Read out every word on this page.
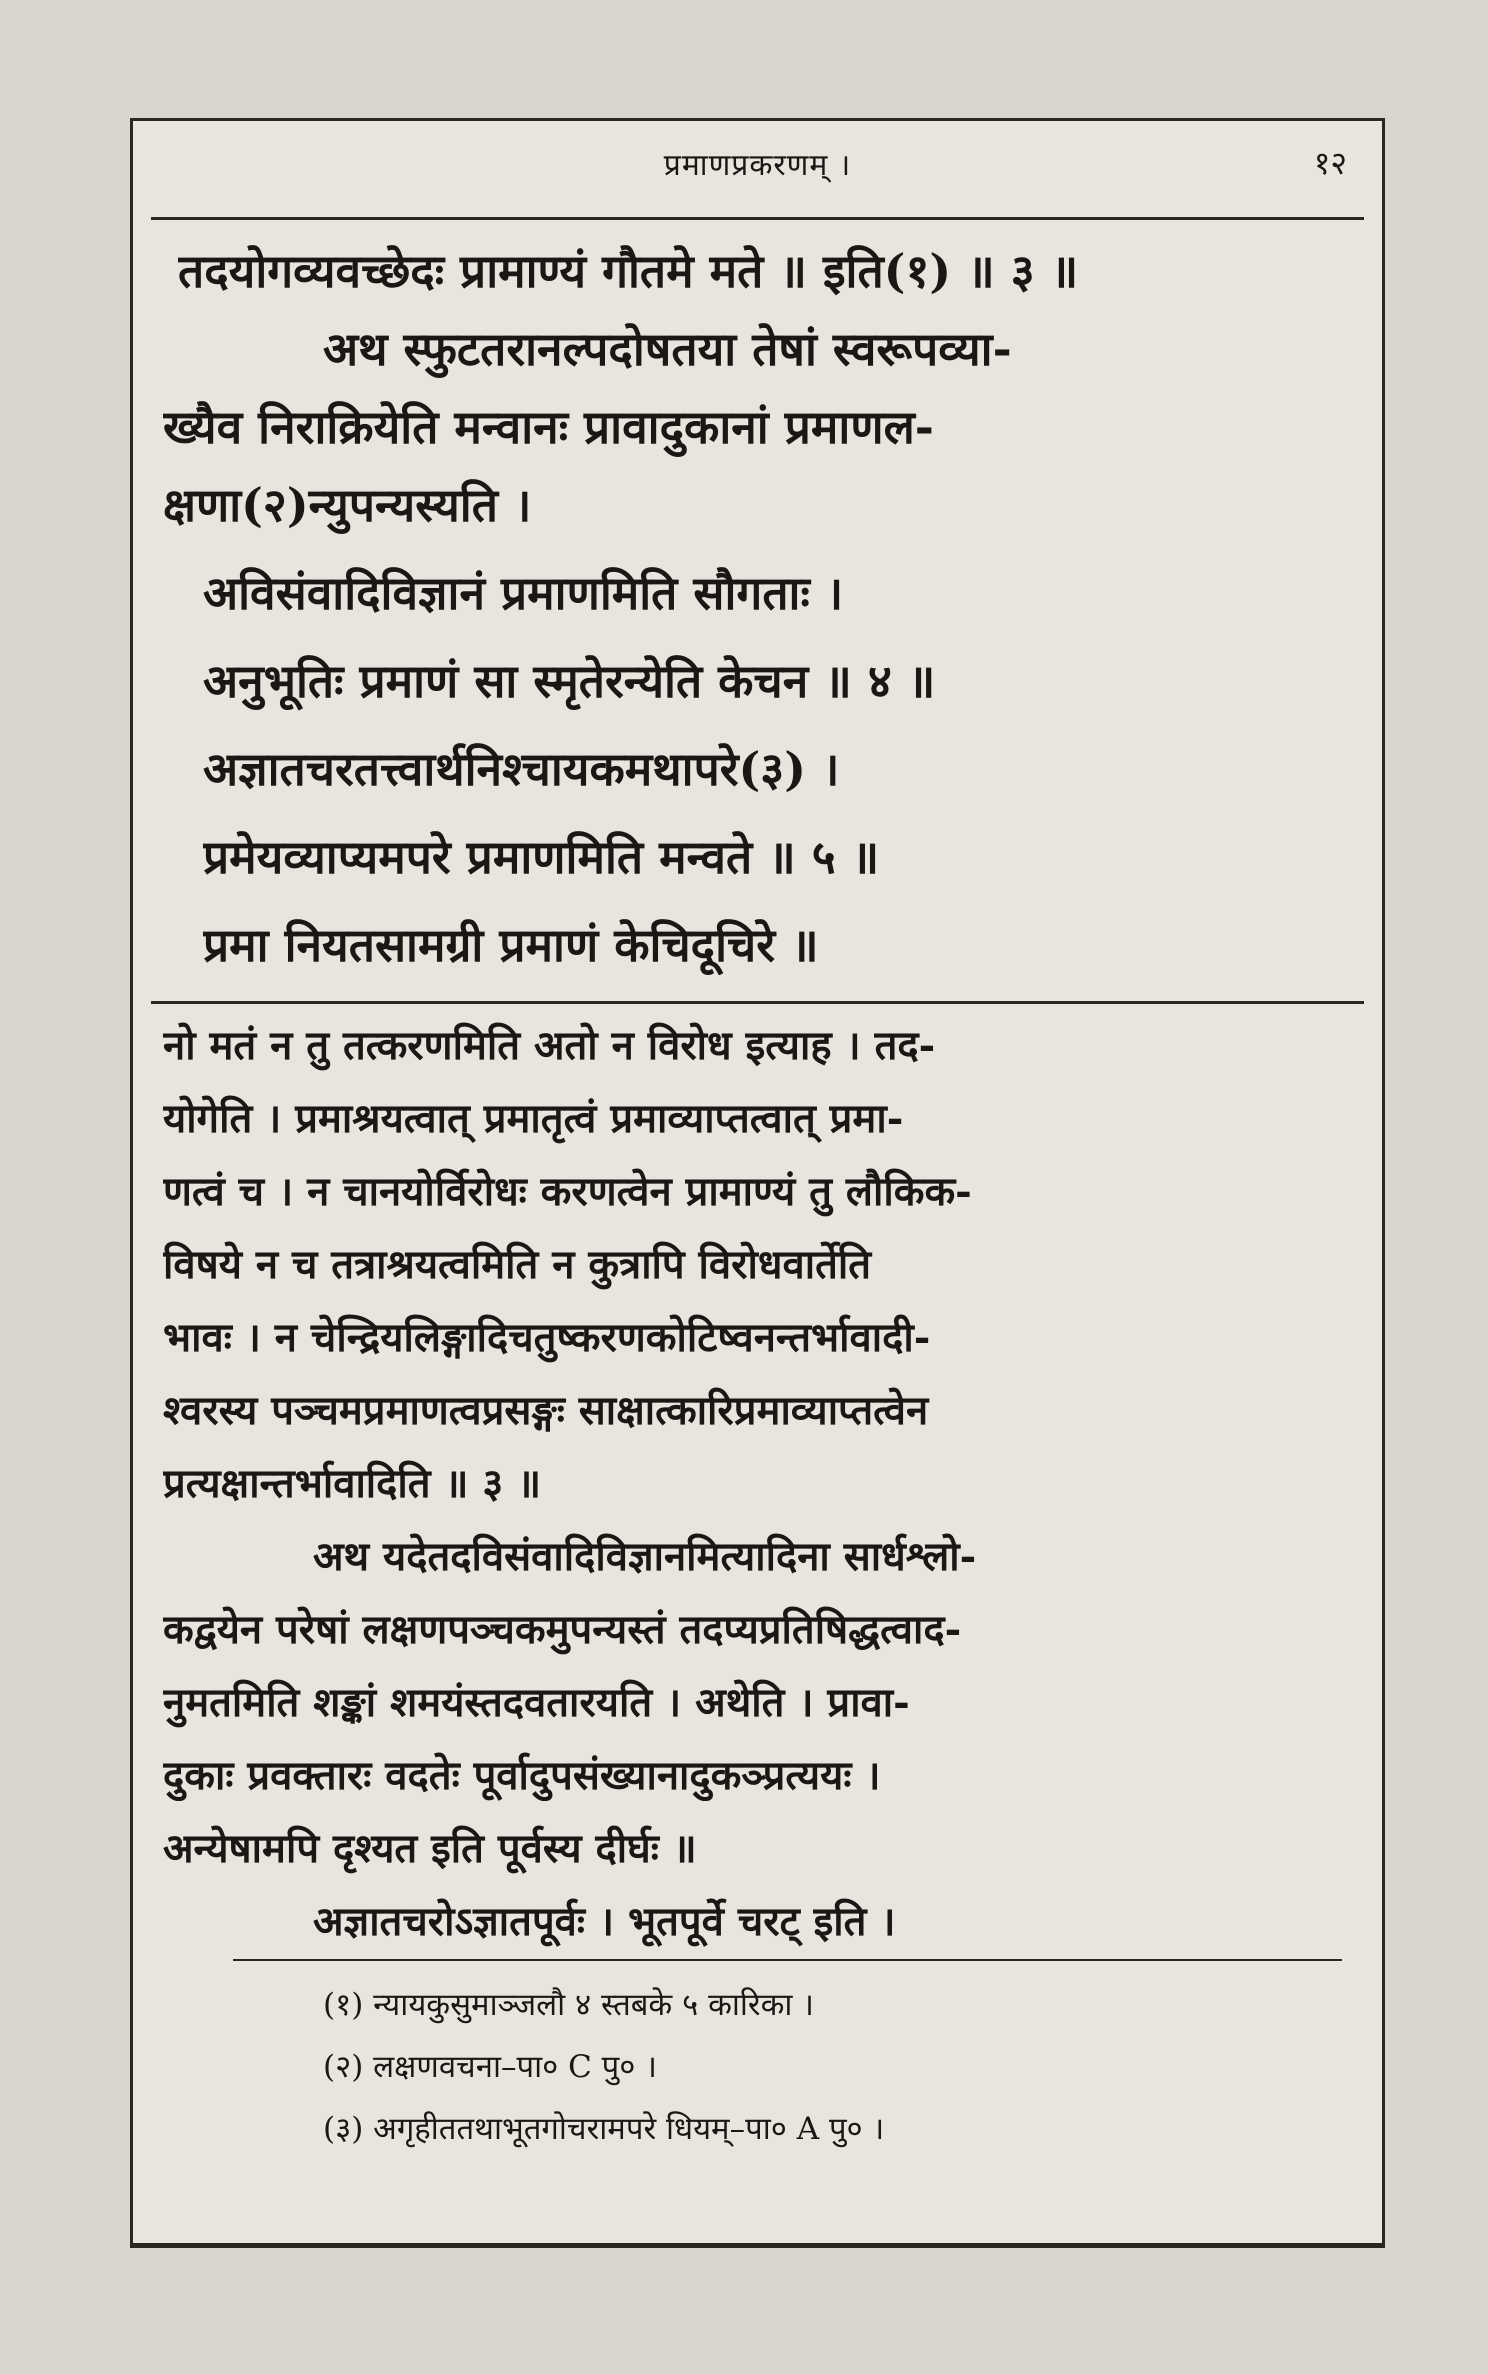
प्रमाणप्रकरणम् ।	१२
तदयोगव्यवच्छेदः प्रामाण्यं गौतमे मते ॥ इति(१) ॥ ३ ॥
अथ स्फुटतरानल्पदोषतया तेषां स्वरूपव्या-
ख्यैव निराक्रियेति मन्वानः प्रावादुकानां प्रमाणल-
क्षणा(२)न्युपन्यस्यति ।
अविसंवादिविज्ञानं प्रमाणमिति सौगताः ।
अनुभूतिः प्रमाणं सा स्मृतेरन्येति केचन ॥ ४ ॥
अज्ञातचरतत्त्वार्थनिश्चायकमथापरे(३) ।
प्रमेयव्याप्यमपरे प्रमाणमिति मन्वते ॥ ५ ॥
प्रमा नियतसामग्री प्रमाणं केचिदूचिरे ॥
नो मतं न तु तत्करणमिति अतो न विरोध इत्याह । तद-
योगेति । प्रमाश्रयत्वात् प्रमातृत्वं प्रमाव्याप्तत्वात् प्रमा-
णत्वं च । न चानयोर्विरोधः करणत्वेन प्रामाण्यं तु लौकिक-
विषये न च तत्राश्रयत्वमिति न कुत्रापि विरोधवार्तेति
भावः । न चेन्द्रियलिङ्गादिचतुष्करणकोटिष्वनन्तर्भावादी-
श्वरस्य पञ्चमप्रमाणत्वप्रसङ्गः साक्षात्कारिप्रमाव्याप्तत्वेन
प्रत्यक्षान्तर्भावादिति ॥ ३ ॥
अथ यदेतदविसंवादिविज्ञानमित्यादिना सार्धश्लो-
कद्वयेन परेषां लक्षणपञ्चकमुपन्यस्तं तदप्यप्रतिषिद्धत्वाद-
नुमतमिति शङ्कां शमयंस्तदवतारयति । अथेति । प्रावा-
दुकाः प्रवक्तारः वदतेः पूर्वादुपसंख्यानादुकञ्प्रत्ययः ।
अन्येषामपि दृश्यत इति पूर्वस्य दीर्घः ॥
अज्ञातचरोऽज्ञातपूर्वः । भूतपूर्वे चरट् इति ।
(१) न्यायकुसुमाञ्जलौ ४ स्तबके ५ कारिका ।
(२) लक्षणवचना–पा० C पु० ।
(३) अगृहीततथाभूतगोचरामपरे धियम्–पा० A पु० ।
